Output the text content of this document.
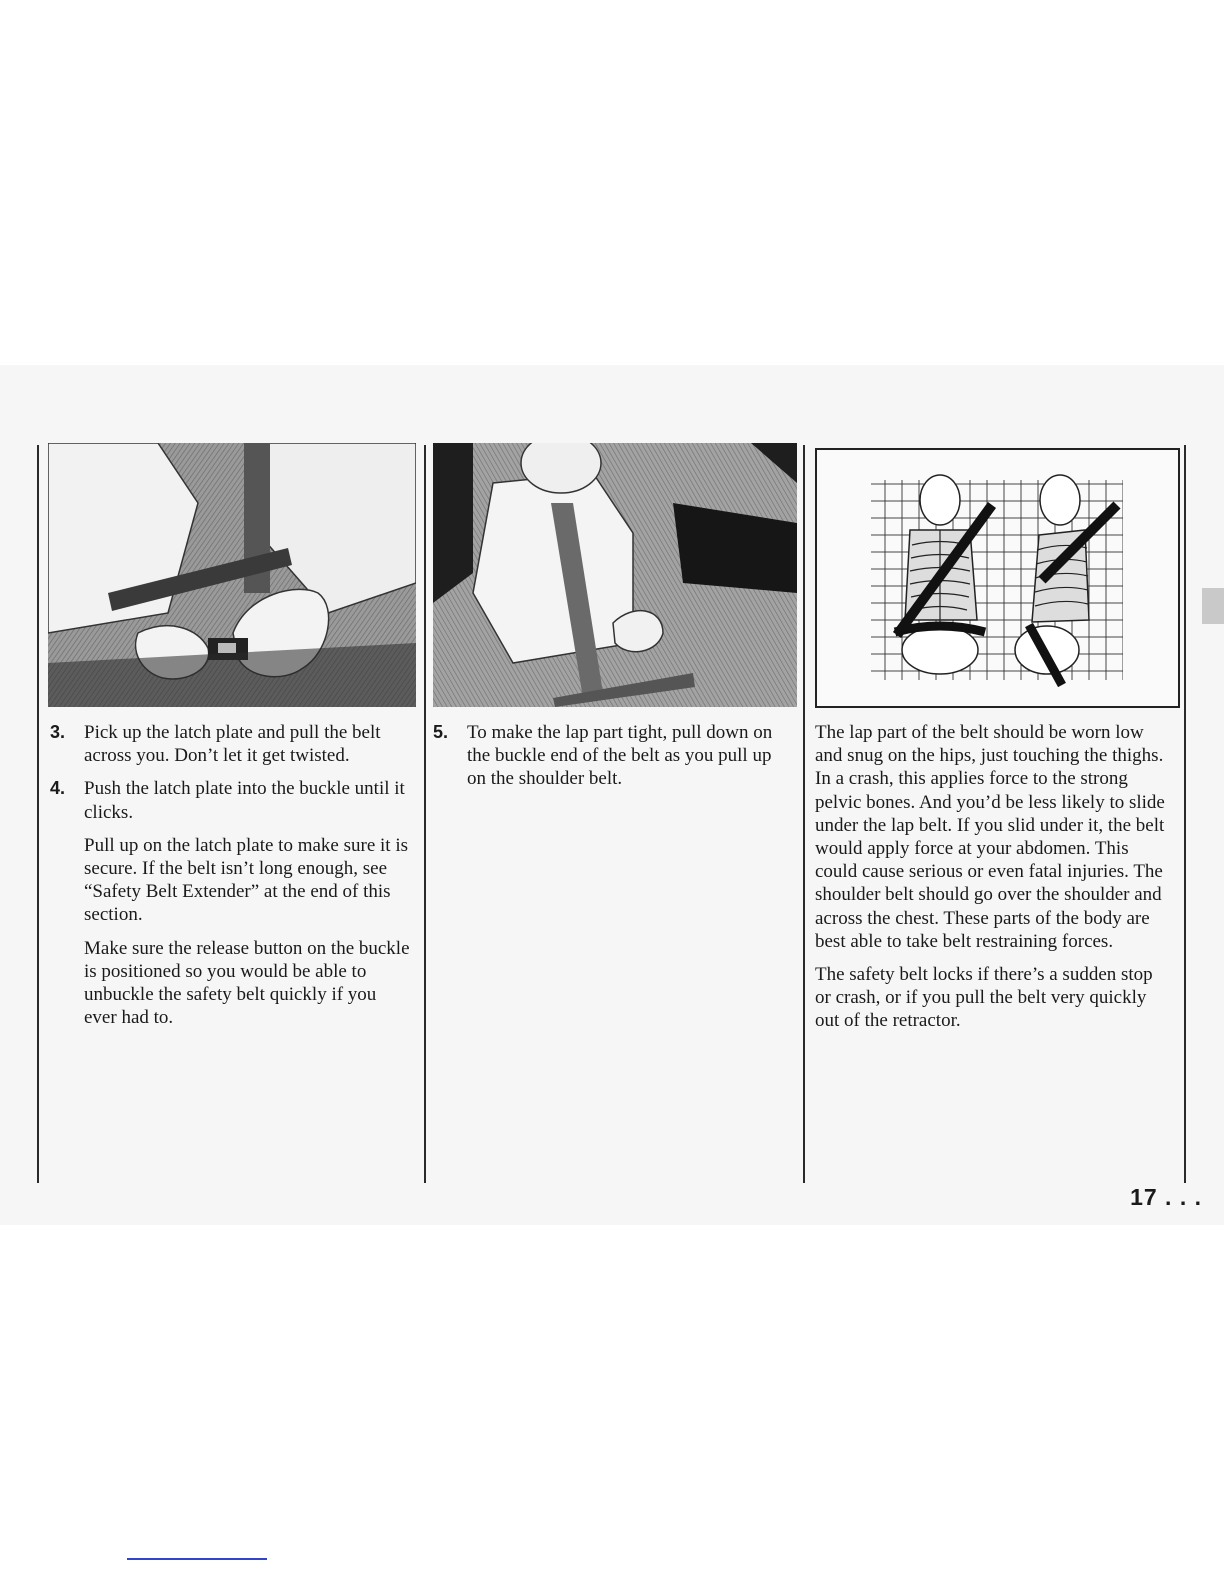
3. Pick up the latch plate and pull the belt across you. Don’t let it get twisted.
4. Push the latch plate into the buckle until it clicks.

Pull up on the latch plate to make sure it is secure. If the belt isn’t long enough, see “Safety Belt Extender” at the end of this section.

Make sure the release button on the buckle is positioned so you would be able to unbuckle the safety belt quickly if you ever had to.

5. To make the lap part tight, pull down on the buckle end of the belt as you pull up on the shoulder belt.

The lap part of the belt should be worn low and snug on the hips, just touching the thighs. In a crash, this applies force to the strong pelvic bones. And you’d be less likely to slide under the lap belt. If you slid under it, the belt would apply force at your abdomen. This could cause serious or even fatal injuries. The shoulder belt should go over the shoulder and across the chest. These parts of the body are best able to take belt restraining forces.

The safety belt locks if there’s a sudden stop or crash, or if you pull the belt very quickly out of the retractor.

17 . . .
